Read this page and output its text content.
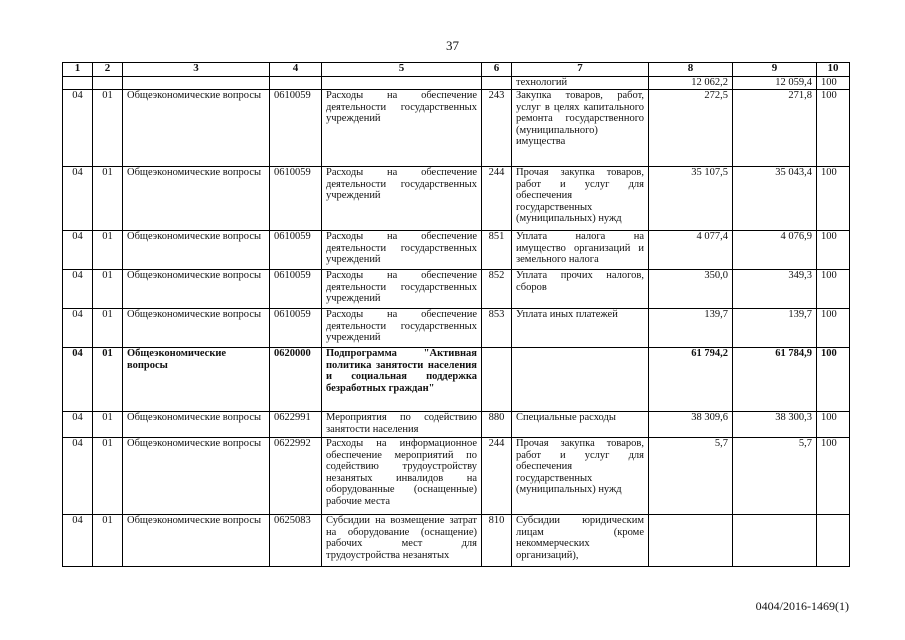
37
1	2	3	4	5	6	7	8	9	10
						технологий	12 062,2	12 059,4	100
04	01	Общеэкономические вопросы	0610059	Расходы на обеспечение деятельности государственных учреждений	243	Закупка товаров, работ, услуг в целях капитального ремонта государственного (муниципального) имущества	272,5	271,8	100
04	01	Общеэкономические вопросы	0610059	Расходы на обеспечение деятельности государственных учреждений	244	Прочая закупка товаров, работ и услуг для обеспечения государственных (муниципальных) нужд	35 107,5	35 043,4	100
04	01	Общеэкономические вопросы	0610059	Расходы на обеспечение деятельности государственных учреждений	851	Уплата налога на имущество организаций и земельного налога	4 077,4	4 076,9	100
04	01	Общеэкономические вопросы	0610059	Расходы на обеспечение деятельности государственных учреждений	852	Уплата прочих налогов, сборов	350,0	349,3	100
04	01	Общеэкономические вопросы	0610059	Расходы на обеспечение деятельности государственных учреждений	853	Уплата иных платежей	139,7	139,7	100
04	01	Общеэкономические вопросы	0620000	Подпрограмма "Активная политика занятости населения и социальная поддержка безработных граждан"			61 794,2	61 784,9	100
04	01	Общеэкономические вопросы	0622991	Мероприятия по содействию занятости населения	880	Специальные расходы	38 309,6	38 300,3	100
04	01	Общеэкономические вопросы	0622992	Расходы на информационное обеспечение мероприятий по содействию трудоустройству незанятых инвалидов на оборудованные (оснащенные) рабочие места	244	Прочая закупка товаров, работ и услуг для обеспечения государственных (муниципальных) нужд	5,7	5,7	100
04	01	Общеэкономические вопросы	0625083	Субсидии на возмещение затрат на оборудование (оснащение) рабочих мест для трудоустройства незанятых	810	Субсидии юридическим лицам (кроме некоммерческих организаций),			
0404/2016-1469(1)
